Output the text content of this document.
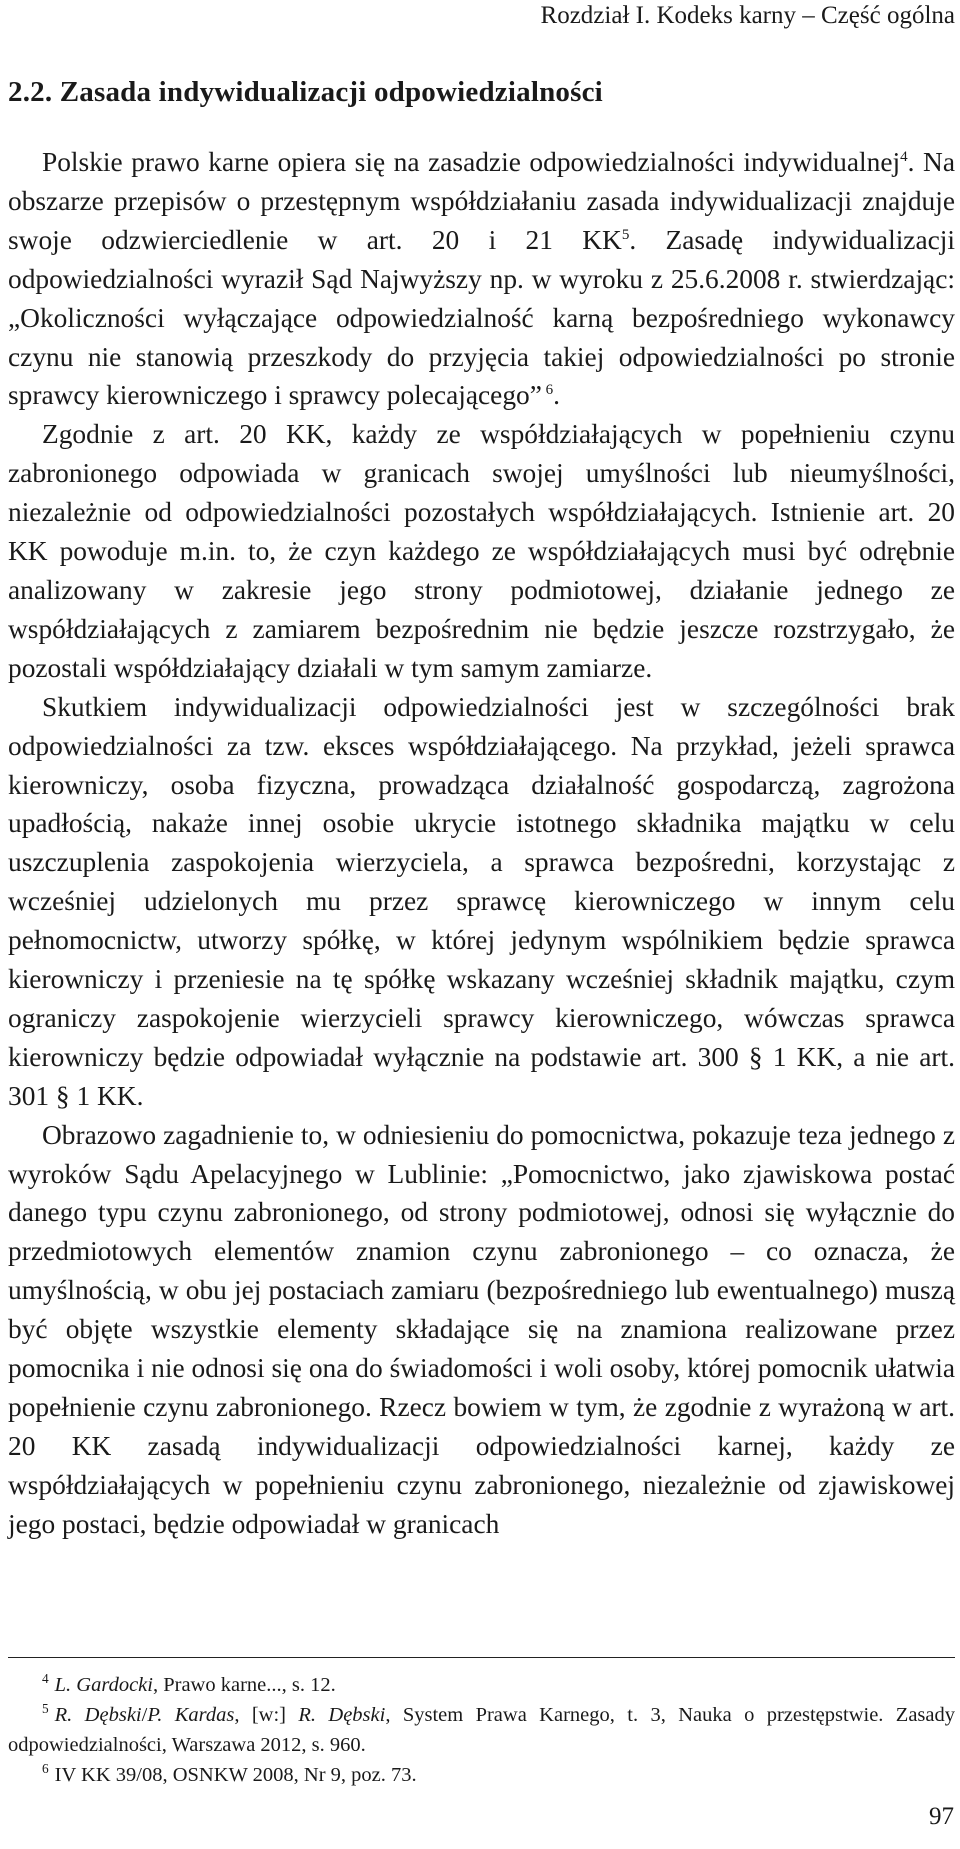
Rozdział I. Kodeks karny – Część ogólna
2.2. Zasada indywidualizacji odpowiedzialności

Polskie prawo karne opiera się na zasadzie odpowiedzialności indywidualnej$^4$. Na obszarze przepisów o przestępnym współdziałaniu zasada indywidualizacji znajduje swoje odzwierciedlenie w art. 20 i 21 KK$^5$. Zasadę indywidualizacji odpowiedzialności wyraził Sąd Najwyższy np. w wyroku z 25.6.2008 r. stwierdzając: „Okoliczności wyłączające odpowiedzialność karną bezpośredniego wykonawcy czynu nie stanowią przeszkody do przyjęcia takiej odpowiedzialności po stronie sprawcy kierowniczego i sprawcy polecającego” $^6$.

Zgodnie z art. 20 KK, każdy ze współdziałających w popełnieniu czynu zabronionego odpowiada w granicach swojej umyślności lub nieumyślności, niezależnie od odpowiedzialności pozostałych współdziałających. Istnienie art. 20 KK powoduje m.in. to, że czyn każdego ze współdziałających musi być odrębnie analizowany w zakresie jego strony podmiotowej, działanie jednego ze współdziałających z zamiarem bezpośrednim nie będzie jeszcze rozstrzygało, że pozostali współdziałający działali w tym samym zamiarze.

Skutkiem indywidualizacji odpowiedzialności jest w szczególności brak odpowiedzialności za tzw. eksces współdziałającego. Na przykład, jeżeli sprawca kierowniczy, osoba fizyczna, prowadząca działalność gospodarczą, zagrożona upadłością, nakaże innej osobie ukrycie istotnego składnika majątku w celu uszczuplenia zaspokojenia wierzyciela, a sprawca bezpośredni, korzystając z wcześniej udzielonych mu przez sprawcę kierowniczego w innym celu pełnomocnictw, utworzy spółkę, w której jedynym wspólnikiem będzie sprawca kierowniczy i przeniesie na tę spółkę wskazany wcześniej składnik majątku, czym ograniczy zaspokojenie wierzycieli sprawcy kierowniczego, wówczas sprawca kierowniczy będzie odpowiadał wyłącznie na podstawie art. 300 § 1 KK, a nie art. 301 § 1 KK.

Obrazowo zagadnienie to, w odniesieniu do pomocnictwa, pokazuje teza jednego z wyroków Sądu Apelacyjnego w Lublinie: „Pomocnictwo, jako zjawiskowa postać danego typu czynu zabronionego, od strony podmiotowej, odnosi się wyłącznie do przedmiotowych elementów znamion czynu zabronionego – co oznacza, że umyślnością, w obu jej postaciach zamiaru (bezpośredniego lub ewentualnego) muszą być objęte wszystkie elementy składające się na znamiona realizowane przez pomocnika i nie odnosi się ona do świadomości i woli osoby, której pomocnik ułatwia popełnienie czynu zabronionego. Rzecz bowiem w tym, że zgodnie z wyrażoną w art. 20 KK zasadą indywidualizacji odpowiedzialności karnej, każdy ze współdziałających w popełnieniu czynu zabronionego, niezależnie od zjawiskowej jego postaci, będzie odpowiadał w granicach

$^4$ L. Gardocki, Prawo karne..., s. 12.

$^5$ R. Dębski/P. Kardas, [w:] R. Dębski, System Prawa Karnego, t. 3, Nauka o przestępstwie. Zasady odpowiedzialności, Warszawa 2012, s. 960.

$^6$ IV KK 39/08, OSNKW 2008, Nr 9, poz. 73.

97
